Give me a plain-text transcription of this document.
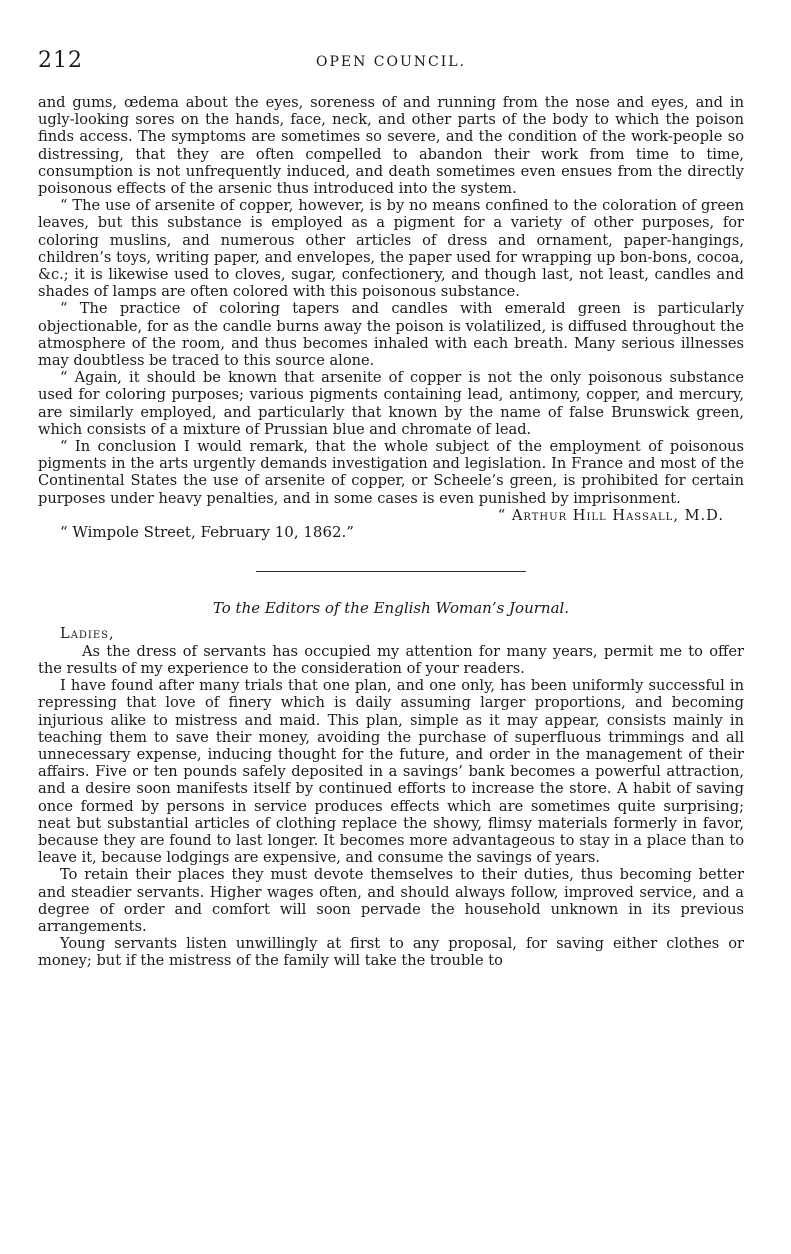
212	OPEN COUNCIL.

and gums, œdema about the eyes, soreness of and running from the nose and eyes, and in ugly-looking sores on the hands, face, neck, and other parts of the body to which the poison finds access. The symptoms are sometimes so severe, and the condition of the work-people so distressing, that they are often compelled to abandon their work from time to time, consumption is not unfrequently induced, and death sometimes even ensues from the directly poisonous effects of the arsenic thus introduced into the system.

“ The use of arsenite of copper, however, is by no means confined to the coloration of green leaves, but this substance is employed as a pigment for a variety of other purposes, for coloring muslins, and numerous other articles of dress and ornament, paper-hangings, children’s toys, writing paper, and envelopes, the paper used for wrapping up bon-bons, cocoa, &c.; it is likewise used to cloves, sugar, confectionery, and though last, not least, candles and shades of lamps are often colored with this poisonous substance.

“ The practice of coloring tapers and candles with emerald green is particularly objectionable, for as the candle burns away the poison is volatilized, is diffused throughout the atmosphere of the room, and thus becomes inhaled with each breath. Many serious illnesses may doubtless be traced to this source alone.

“ Again, it should be known that arsenite of copper is not the only poisonous substance used for coloring purposes; various pigments containing lead, antimony, copper, and mercury, are similarly employed, and particularly that known by the name of false Brunswick green, which consists of a mixture of Prussian blue and chromate of lead.

“ In conclusion I would remark, that the whole subject of the employment of poisonous pigments in the arts urgently demands investigation and legislation. In France and most of the Continental States the use of arsenite of copper, or Scheele’s green, is prohibited for certain purposes under heavy penalties, and in some cases is even punished by imprisonment.

“ Arthur Hill Hassall, M.D.
“ Wimpole Street, February 10, 1862.”
To the Editors of the English Woman’s Journal.
Ladies,

As the dress of servants has occupied my attention for many years, permit me to offer the results of my experience to the consideration of your readers.

I have found after many trials that one plan, and one only, has been uniformly successful in repressing that love of finery which is daily assuming larger proportions, and becoming injurious alike to mistress and maid. This plan, simple as it may appear, consists mainly in teaching them to save their money, avoiding the purchase of superfluous trimmings and all unnecessary expense, inducing thought for the future, and order in the management of their affairs. Five or ten pounds safely deposited in a savings’ bank becomes a powerful attraction, and a desire soon manifests itself by continued efforts to increase the store. A habit of saving once formed by persons in service produces effects which are sometimes quite surprising; neat but substantial articles of clothing replace the showy, flimsy materials formerly in favor, because they are found to last longer. It becomes more advantageous to stay in a place than to leave it, because lodgings are expensive, and consume the savings of years.

To retain their places they must devote themselves to their duties, thus becoming better and steadier servants. Higher wages often, and should always follow, improved service, and a degree of order and comfort will soon pervade the household unknown in its previous arrangements.

Young servants listen unwillingly at first to any proposal, for saving either clothes or money; but if the mistress of the family will take the trouble to
